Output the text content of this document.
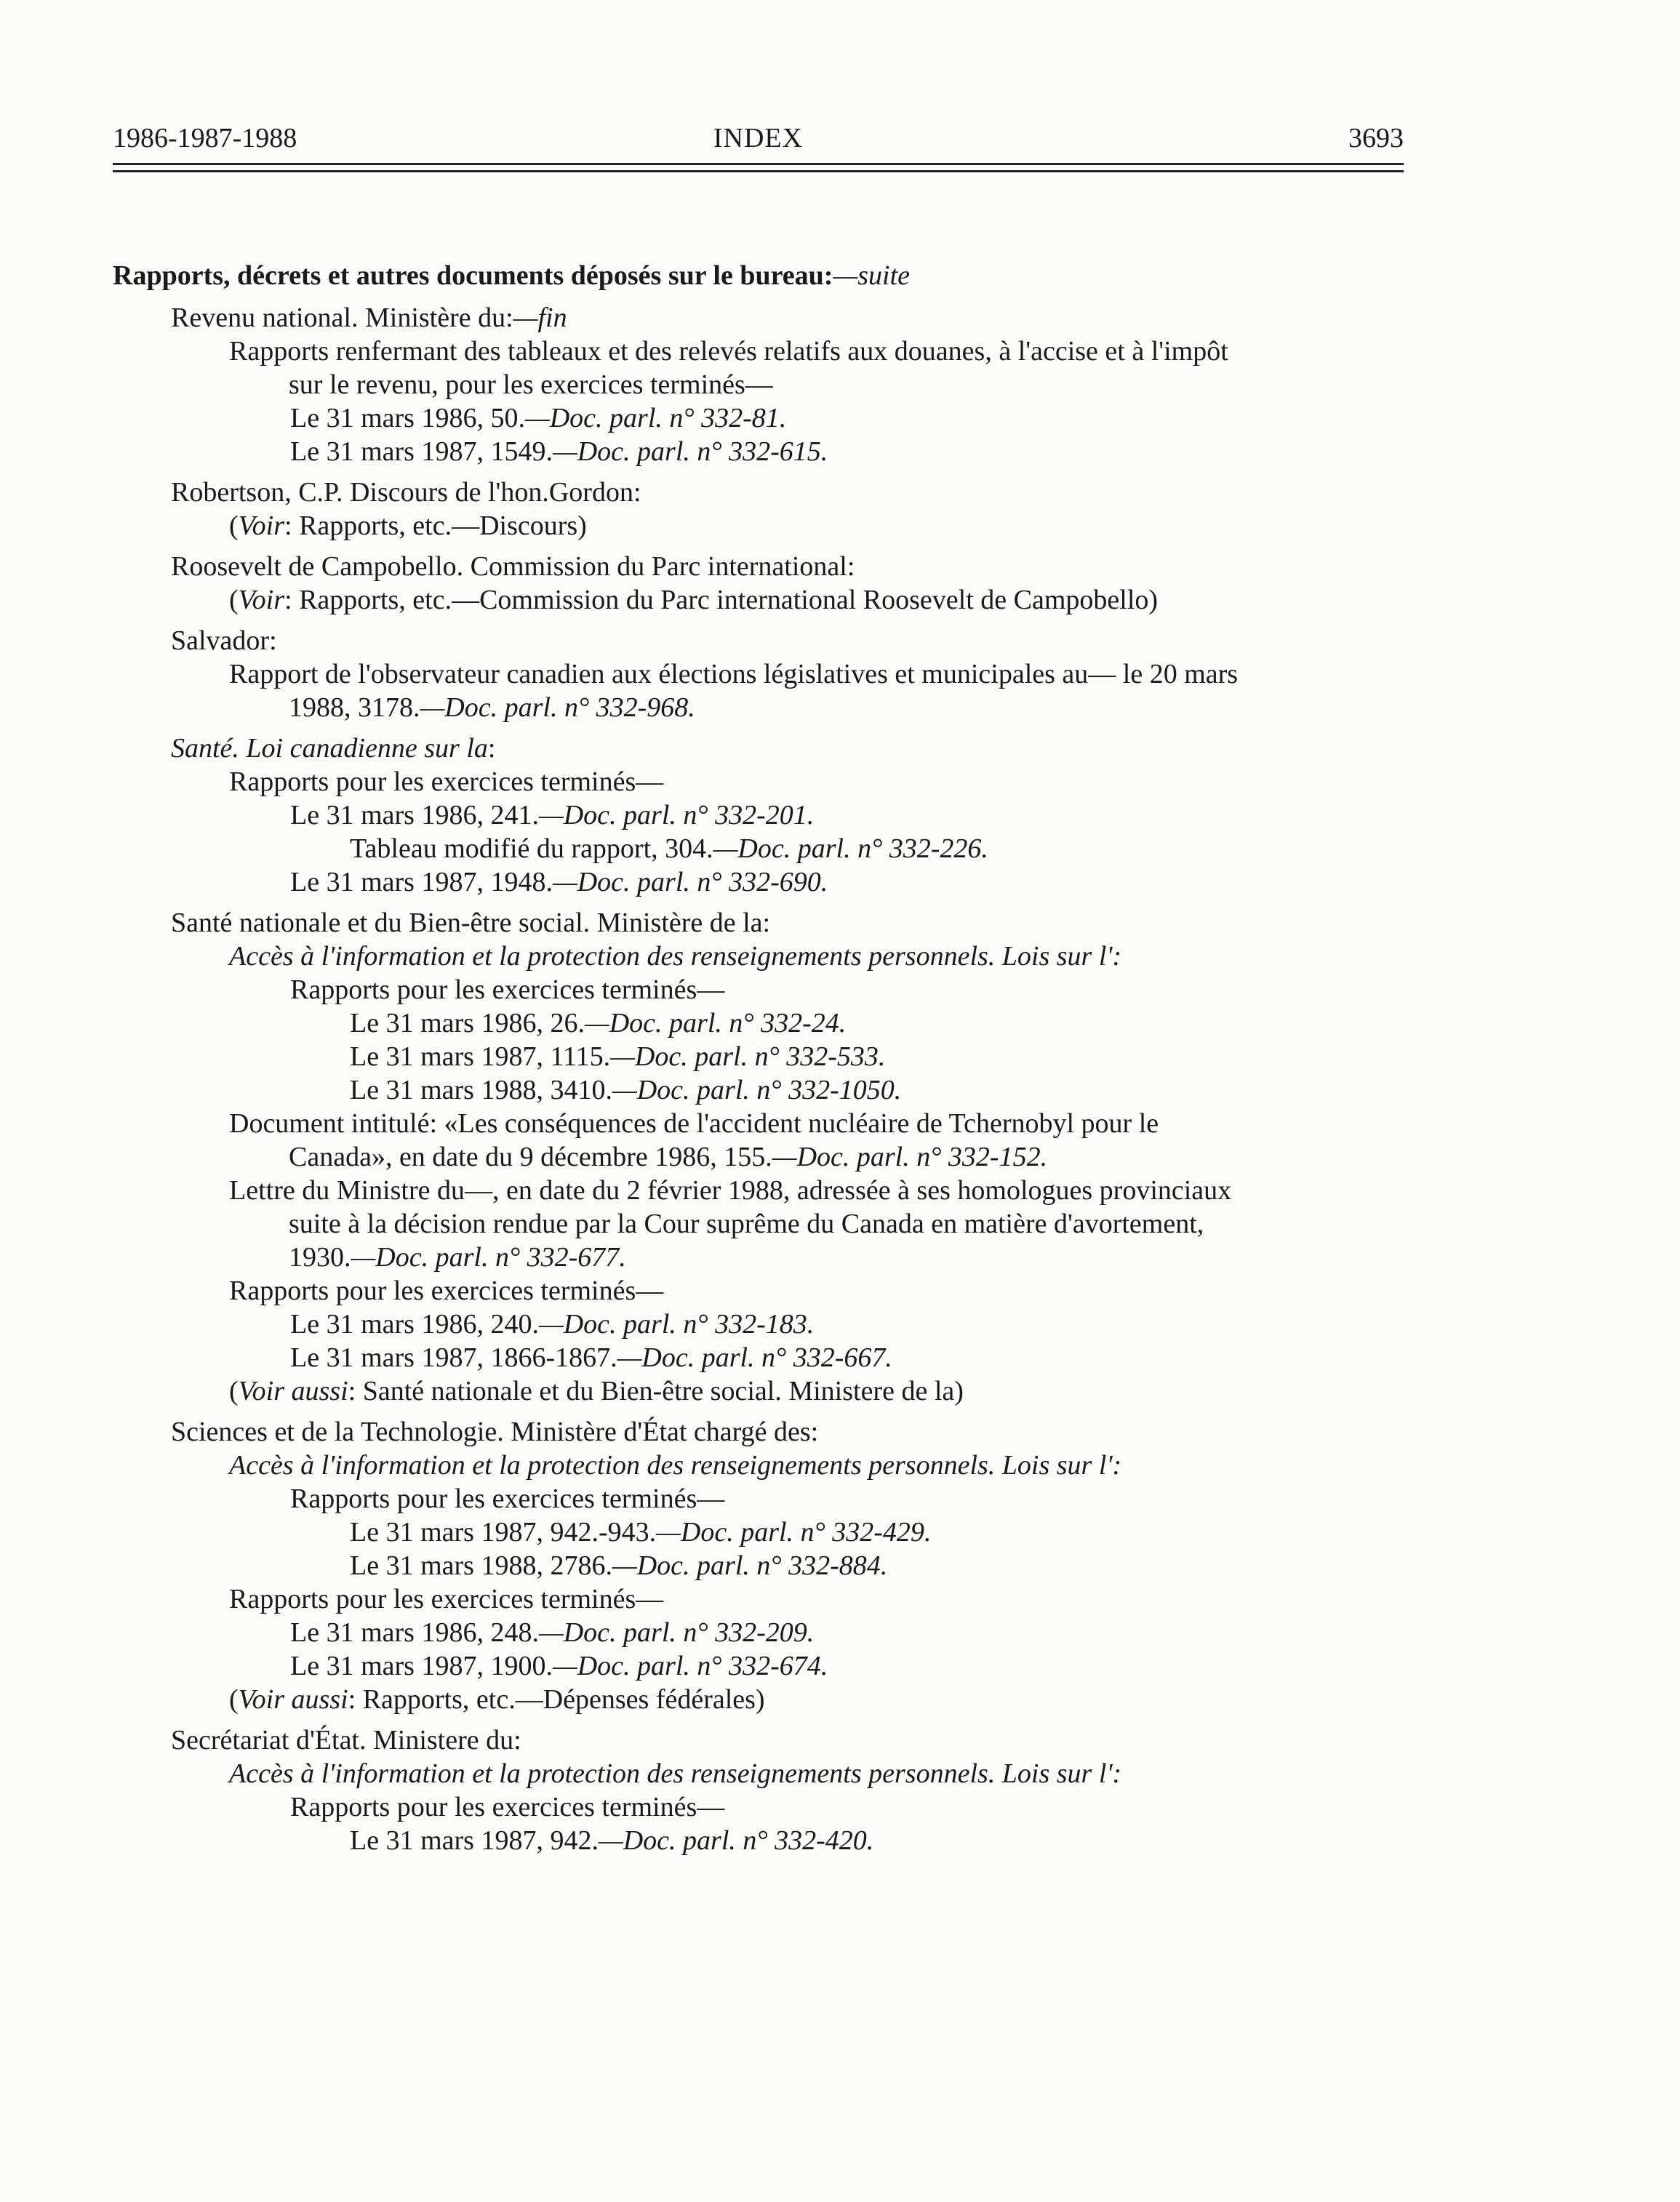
1986-1987-1988	INDEX	3693
Rapports, décrets et autres documents déposés sur le bureau:—suite
Revenu national. Ministère du:—fin
Rapports renfermant des tableaux et des relevés relatifs aux douanes, à l'accise et à l'impôt
sur le revenu, pour les exercices terminés—
Le 31 mars 1986, 50.—Doc. parl. n° 332-81.
Le 31 mars 1987, 1549.—Doc. parl. n° 332-615.
Robertson, C.P. Discours de l'hon.Gordon:
(Voir: Rapports, etc.—Discours)
Roosevelt de Campobello. Commission du Parc international:
(Voir: Rapports, etc.—Commission du Parc international Roosevelt de Campobello)
Salvador:
Rapport de l'observateur canadien aux élections législatives et municipales au— le 20 mars
1988, 3178.—Doc. parl. n° 332-968.
Santé. Loi canadienne sur la:
Rapports pour les exercices terminés—
Le 31 mars 1986, 241.—Doc. parl. n° 332-201.
Tableau modifié du rapport, 304.—Doc. parl. n° 332-226.
Le 31 mars 1987, 1948.—Doc. parl. n° 332-690.
Santé nationale et du Bien-être social. Ministère de la:
Accès à l'information et la protection des renseignements personnels. Lois sur l':
Rapports pour les exercices terminés—
Le 31 mars 1986, 26.—Doc. parl. n° 332-24.
Le 31 mars 1987, 1115.—Doc. parl. n° 332-533.
Le 31 mars 1988, 3410.—Doc. parl. n° 332-1050.
Document intitulé: «Les conséquences de l'accident nucléaire de Tchernobyl pour le
Canada», en date du 9 décembre 1986, 155.—Doc. parl. n° 332-152.
Lettre du Ministre du—, en date du 2 février 1988, adressée à ses homologues provinciaux
suite à la décision rendue par la Cour suprême du Canada en matière d'avortement,
1930.—Doc. parl. n° 332-677.
Rapports pour les exercices terminés—
Le 31 mars 1986, 240.—Doc. parl. n° 332-183.
Le 31 mars 1987, 1866-1867.—Doc. parl. n° 332-667.
(Voir aussi: Santé nationale et du Bien-être social. Ministere de la)
Sciences et de la Technologie. Ministère d'État chargé des:
Accès à l'information et la protection des renseignements personnels. Lois sur l':
Rapports pour les exercices terminés—
Le 31 mars 1987, 942.-943.—Doc. parl. n° 332-429.
Le 31 mars 1988, 2786.—Doc. parl. n° 332-884.
Rapports pour les exercices terminés—
Le 31 mars 1986, 248.—Doc. parl. n° 332-209.
Le 31 mars 1987, 1900.—Doc. parl. n° 332-674.
(Voir aussi: Rapports, etc.—Dépenses fédérales)
Secrétariat d'État. Ministere du:
Accès à l'information et la protection des renseignements personnels. Lois sur l':
Rapports pour les exercices terminés—
Le 31 mars 1987, 942.—Doc. parl. n° 332-420.
